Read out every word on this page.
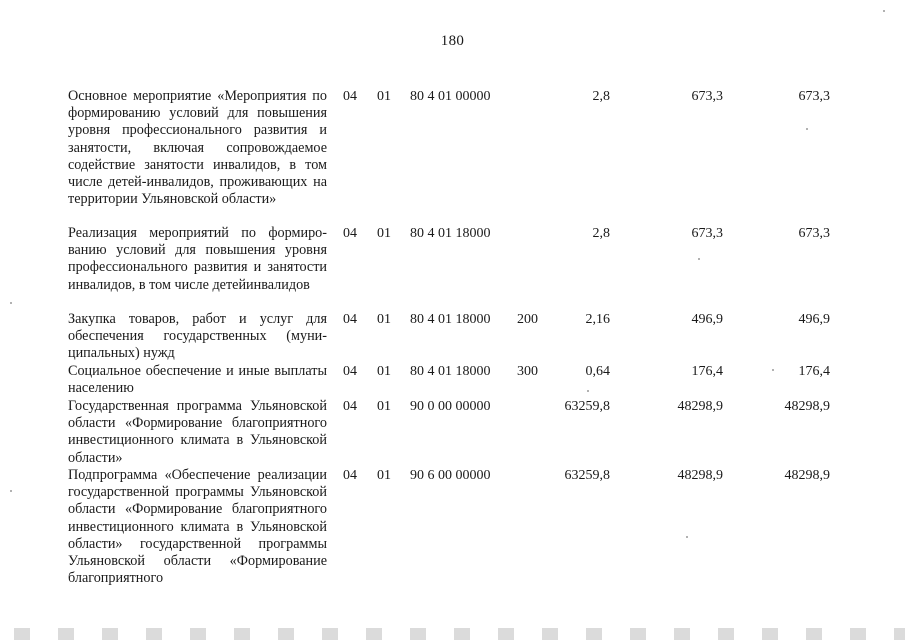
180
Основное мероприятие «Мероприятия по формированию условий для повышения уровня профессионального развития и занятости, включая сопровождаемое содействие занятости инвалидов, в том числе детей-инвалидов, проживающих на территории Ульяновской области»
04 01 80 4 01 00000	2,8	673,3	673,3
Реализация мероприятий по формированию условий для повышения уровня профессионального развития и занятости инвалидов, в том числе детейинвалидов
04 01 80 4 01 18000	2,8	673,3	673,3
Закупка товаров, работ и услуг для обеспечения государственных (муниципальных) нужд
04 01 80 4 01 18000 200	2,16	496,9	496,9
Социальное обеспечение и иные выплаты населению
04 01 80 4 01 18000 300	0,64	176,4	176,4
Государственная программа Ульяновской области «Формирование благоприятного инвестиционного климата в Ульяновской области»
04 01 90 0 00 00000	63259,8	48298,9	48298,9
Подпрограмма «Обеспечение реализации государственной программы Ульяновской области «Формирование благоприятного инвестиционного климата в Ульяновской области» государственной программы Ульяновской области «Формирование благоприятного
04 01 90 6 00 00000	63259,8	48298,9	48298,9
